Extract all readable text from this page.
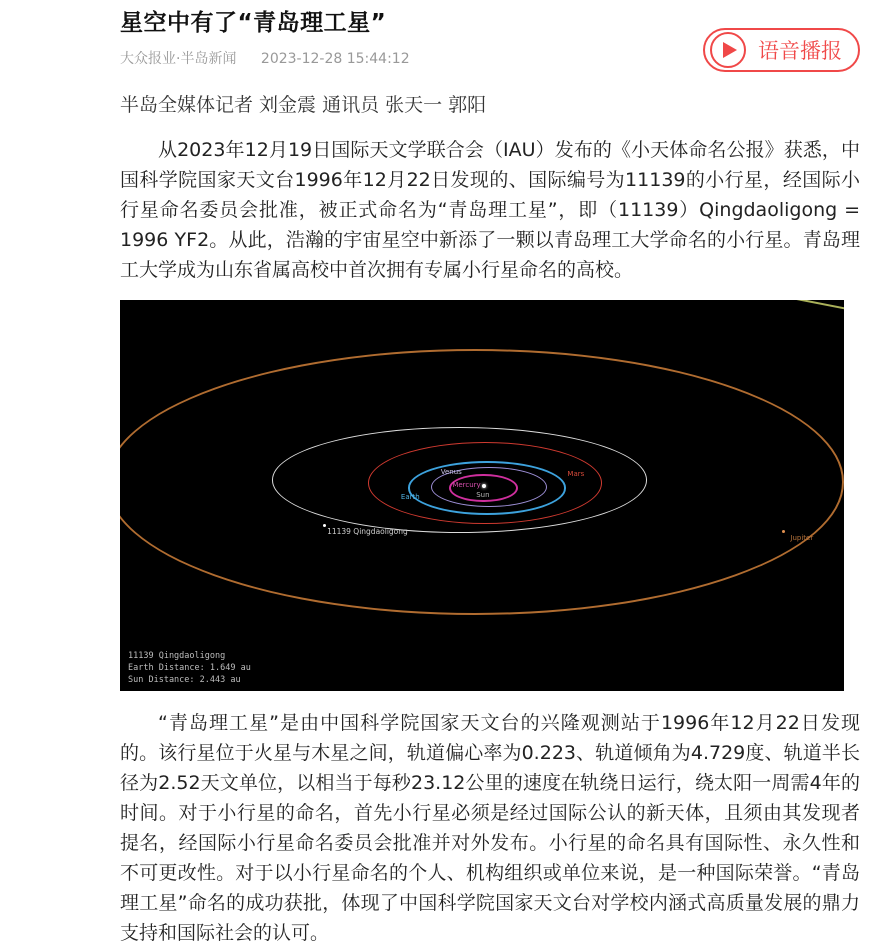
星空中有了“青岛理工星”
大众报业·半岛新闻 2023-12-28 15:44:12	语音播报

半岛全媒体记者 刘金震 通讯员 张天一 郭阳

从2023年12月19日国际天文学联合会（IAU）发布的《小天体命名公报》获悉，中国科学院国家天文台1996年12月22日发现的、国际编号为11139的小行星，经国际小行星命名委员会批准，被正式命名为“青岛理工星”，即（11139）Qingdaoligong = 1996 YF2。从此，浩瀚的宇宙星空中新添了一颗以青岛理工大学命名的小行星。青岛理工大学成为山东省属高校中首次拥有专属小行星命名的高校。

Venus
Mercury
Sun
Earth
Mars
11139 Qingdaoligong
Jupiter
11139 Qingdaoligong
Earth Distance: 1.649 au
Sun Distance: 2.443 au

“青岛理工星”是由中国科学院国家天文台的兴隆观测站于1996年12月22日发现的。该行星位于火星与木星之间，轨道偏心率为0.223、轨道倾角为4.729度、轨道半长径为2.52天文单位，以相当于每秒23.12公里的速度在轨绕日运行，绕太阳一周需4年的时间。对于小行星的命名，首先小行星必须是经过国际公认的新天体，且须由其发现者提名，经国际小行星命名委员会批准并对外发布。小行星的命名具有国际性、永久性和不可更改性。对于以小行星命名的个人、机构组织或单位来说，是一种国际荣誉。“青岛理工星”命名的成功获批，体现了中国科学院国家天文台对学校内涵式高质量发展的鼎力支持和国际社会的认可。
